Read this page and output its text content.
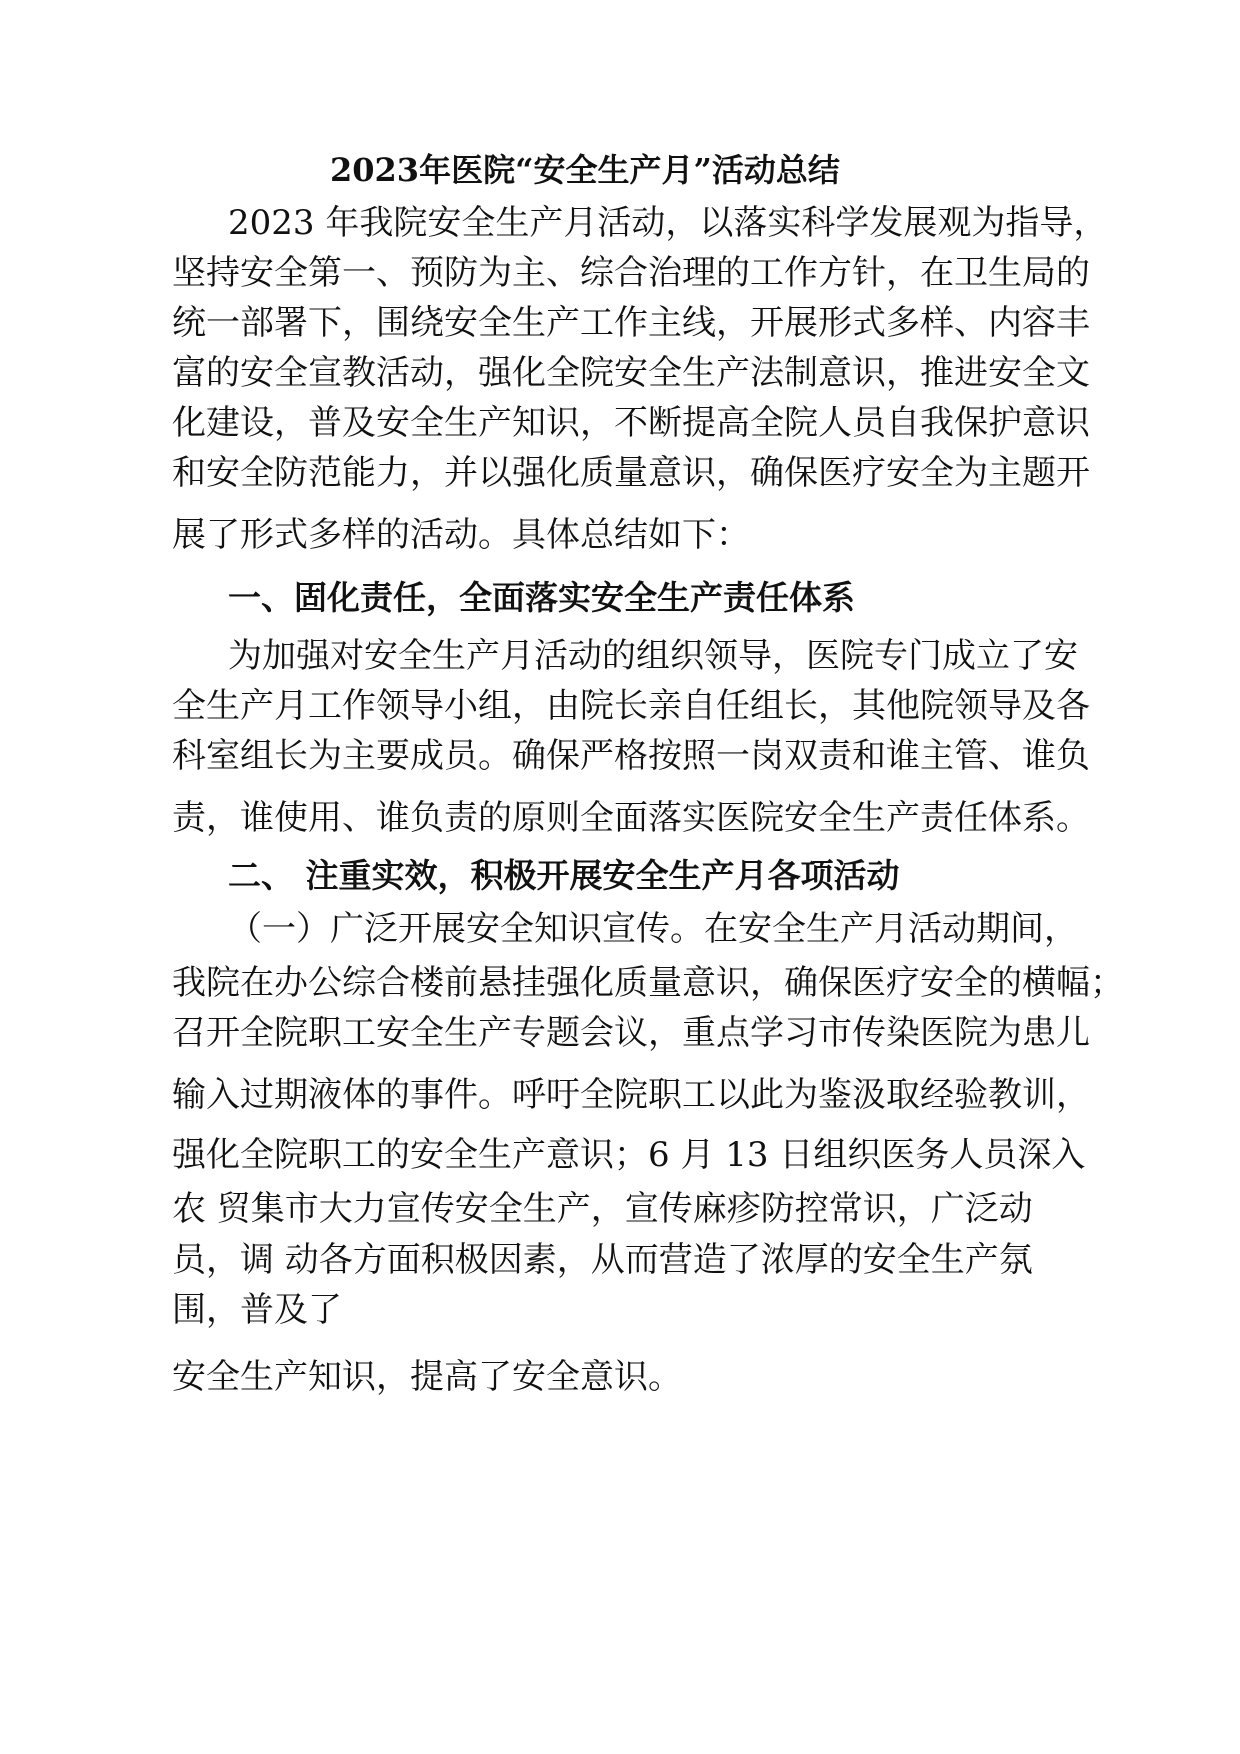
2023年医院“安全生产月”活动总结
2023 年我院安全生产月活动，以落实科学发展观为指导，
坚持安全第一、预防为主、综合治理的工作方针，在卫生局的
统一部署下，围绕安全生产工作主线，开展形式多样、内容丰
富的安全宣教活动，强化全院安全生产法制意识，推进安全文
化建设，普及安全生产知识，不断提高全院人员自我保护意识
和安全防范能力，并以强化质量意识，确保医疗安全为主题开
展了形式多样的活动。具体总结如下：
一、固化责任，全面落实安全生产责任体系
为加强对安全生产月活动的组织领导，医院专门成立了安
全生产月工作领导小组，由院长亲自任组长，其他院领导及各
科室组长为主要成员。确保严格按照一岗双责和谁主管、谁负
责，谁使用、谁负责的原则全面落实医院安全生产责任体系。
二、 注重实效，积极开展安全生产月各项活动
（一）广泛开展安全知识宣传。在安全生产月活动期间，
我院在办公综合楼前悬挂强化质量意识，确保医疗安全的横幅；
召开全院职工安全生产专题会议，重点学习市传染医院为患儿
输入过期液体的事件。呼吁全院职工以此为鉴汲取经验教训，
强化全院职工的安全生产意识；6 月 13 日组织医务人员深入
农 贸集市大力宣传安全生产，宣传麻疹防控常识，广泛动
员，调 动各方面积极因素，从而营造了浓厚的安全生产氛
围，普及了
安全生产知识，提高了安全意识。
